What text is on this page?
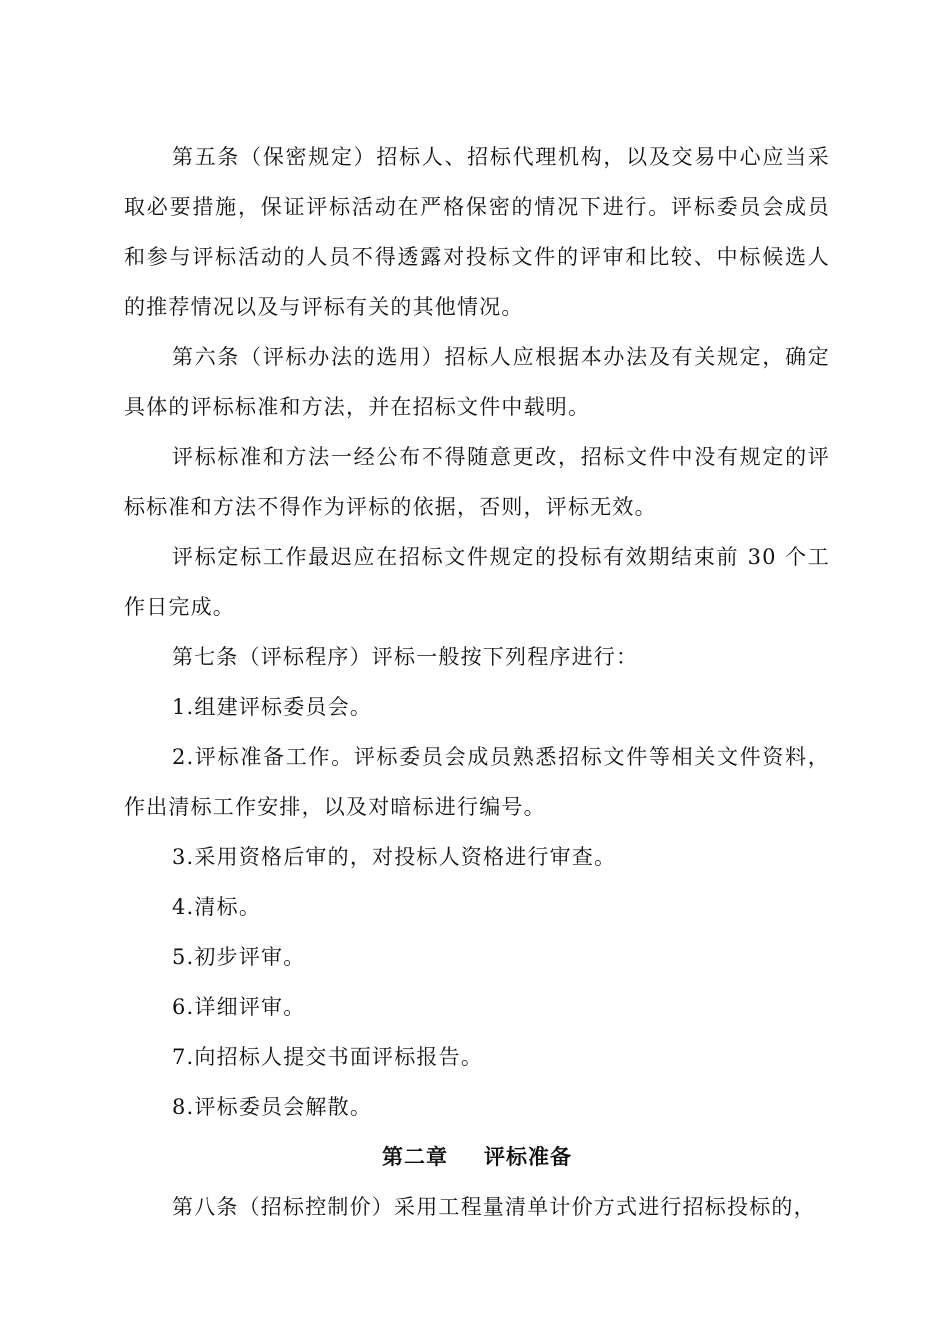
第五条（保密规定）招标人、招标代理机构，以及交易中心应当采取必要措施，保证评标活动在严格保密的情况下进行。评标委员会成员和参与评标活动的人员不得透露对投标文件的评审和比较、中标候选人的推荐情况以及与评标有关的其他情况。

第六条（评标办法的选用）招标人应根据本办法及有关规定，确定具体的评标标准和方法，并在招标文件中载明。

评标标准和方法一经公布不得随意更改，招标文件中没有规定的评标标准和方法不得作为评标的依据，否则，评标无效。

评标定标工作最迟应在招标文件规定的投标有效期结束前 30 个工作日完成。

第七条（评标程序）评标一般按下列程序进行：

1.组建评标委员会。

2.评标准备工作。评标委员会成员熟悉招标文件等相关文件资料，作出清标工作安排，以及对暗标进行编号。

3.采用资格后审的，对投标人资格进行审查。

4.清标。

5.初步评审。

6.详细评审。

7.向招标人提交书面评标报告。

8.评标委员会解散。

第二章 评标准备

第八条（招标控制价）采用工程量清单计价方式进行招标投标的，
